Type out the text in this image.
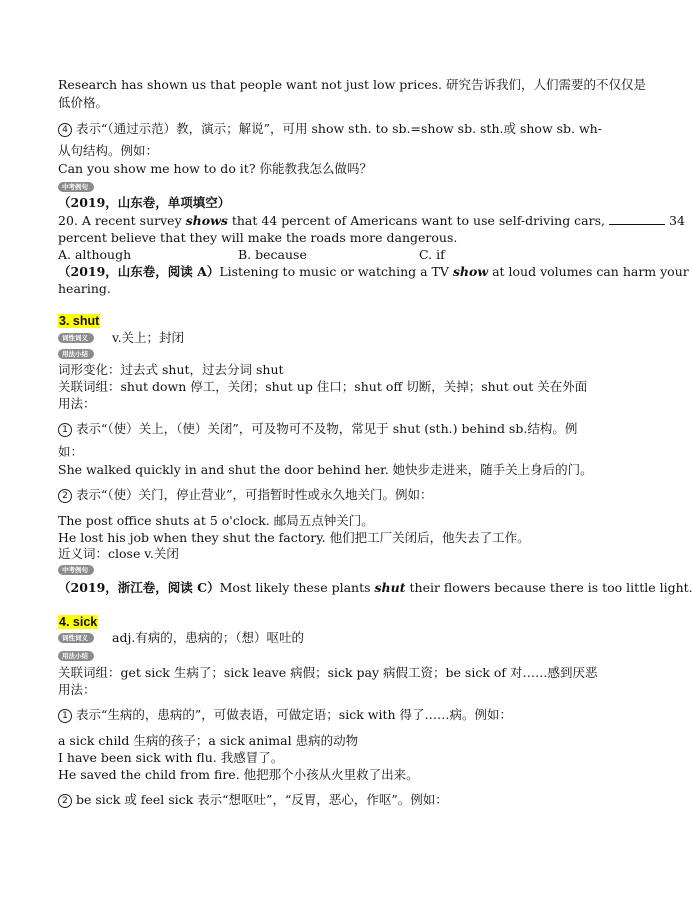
Research has shown us that people want not just low prices. 研究告诉我们，人们需要的不仅仅是
低价格。
4 表示“（通过示范）教，演示；解说”，可用 show sth. to sb.=show sb. sth.或 show sb. wh-
从句结构。例如：
Can you show me how to do it? 你能教我怎么做吗？
中考例句
（2019，山东卷，单项填空）
20. A recent survey shows that 44 percent of Americans want to use self-driving cars,	34
percent believe that they will make the roads more dangerous.
A. although	B. because	C. if
（2019，山东卷，阅读 A）Listening to music or watching a TV show at loud volumes can harm your
hearing.
3. shut
词性词义	v.关上；封闭
用法小结
词形变化：过去式 shut，过去分词 shut
关联词组：shut down 停工，关闭；shut up 住口；shut off 切断，关掉；shut out 关在外面
用法：
1 表示“（使）关上，（使）关闭”，可及物可不及物，常见于 shut (sth.) behind sb.结构。例
如：
She walked quickly in and shut the door behind her. 她快步走进来，随手关上身后的门。
2 表示“（使）关门，停止营业”，可指暂时性或永久地关门。例如：
The post office shuts at 5 o'clock. 邮局五点钟关门。
He lost his job when they shut the factory. 他们把工厂关闭后，他失去了工作。
近义词：close v.关闭
中考例句
（2019，浙江卷，阅读 C）Most likely these plants shut their flowers because there is too little light.
4. sick
词性词义	adj.有病的，患病的；（想）呕吐的
用法小结
关联词组：get sick 生病了；sick leave 病假；sick pay 病假工资；be sick of 对……感到厌恶
用法：
1 表示“生病的，患病的”，可做表语，可做定语；sick with 得了……病。例如：
a sick child 生病的孩子；a sick animal 患病的动物
I have been sick with flu. 我感冒了。
He saved the child from fire. 他把那个小孩从火里救了出来。
2 be sick 或 feel sick 表示“想呕吐”，“反胃，恶心，作呕”。例如：
